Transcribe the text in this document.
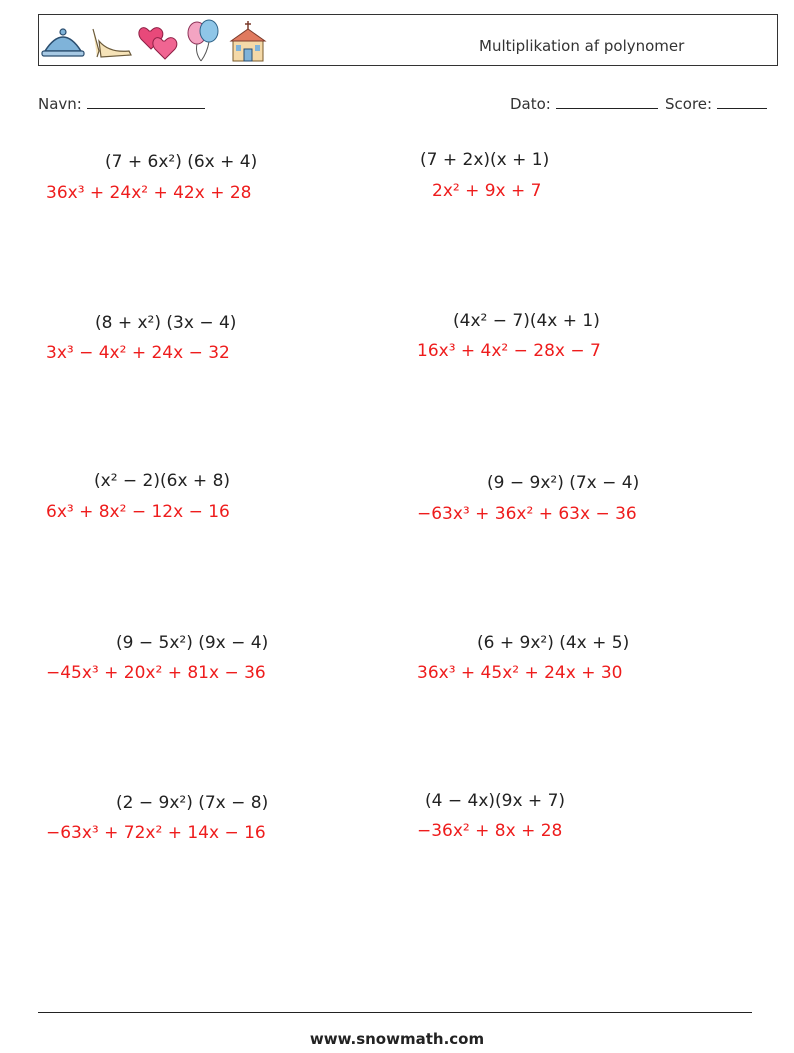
Multiplikation af polynomer
Navn:	Dato:	Score:
(7 + 6x²) (6x + 4)
36x³ + 24x² + 42x + 28
(7 + 2x)(x + 1)
2x² + 9x + 7
(8 + x²) (3x − 4)
3x³ − 4x² + 24x − 32
(4x² − 7)(4x + 1)
16x³ + 4x² − 28x − 7
(x² − 2)(6x + 8)
6x³ + 8x² − 12x − 16
(9 − 9x²) (7x − 4)
−63x³ + 36x² + 63x − 36
(9 − 5x²) (9x − 4)
−45x³ + 20x² + 81x − 36
(6 + 9x²) (4x + 5)
36x³ + 45x² + 24x + 30
(2 − 9x²) (7x − 8)
−63x³ + 72x² + 14x − 16
(4 − 4x)(9x + 7)
−36x² + 8x + 28
www.snowmath.com
